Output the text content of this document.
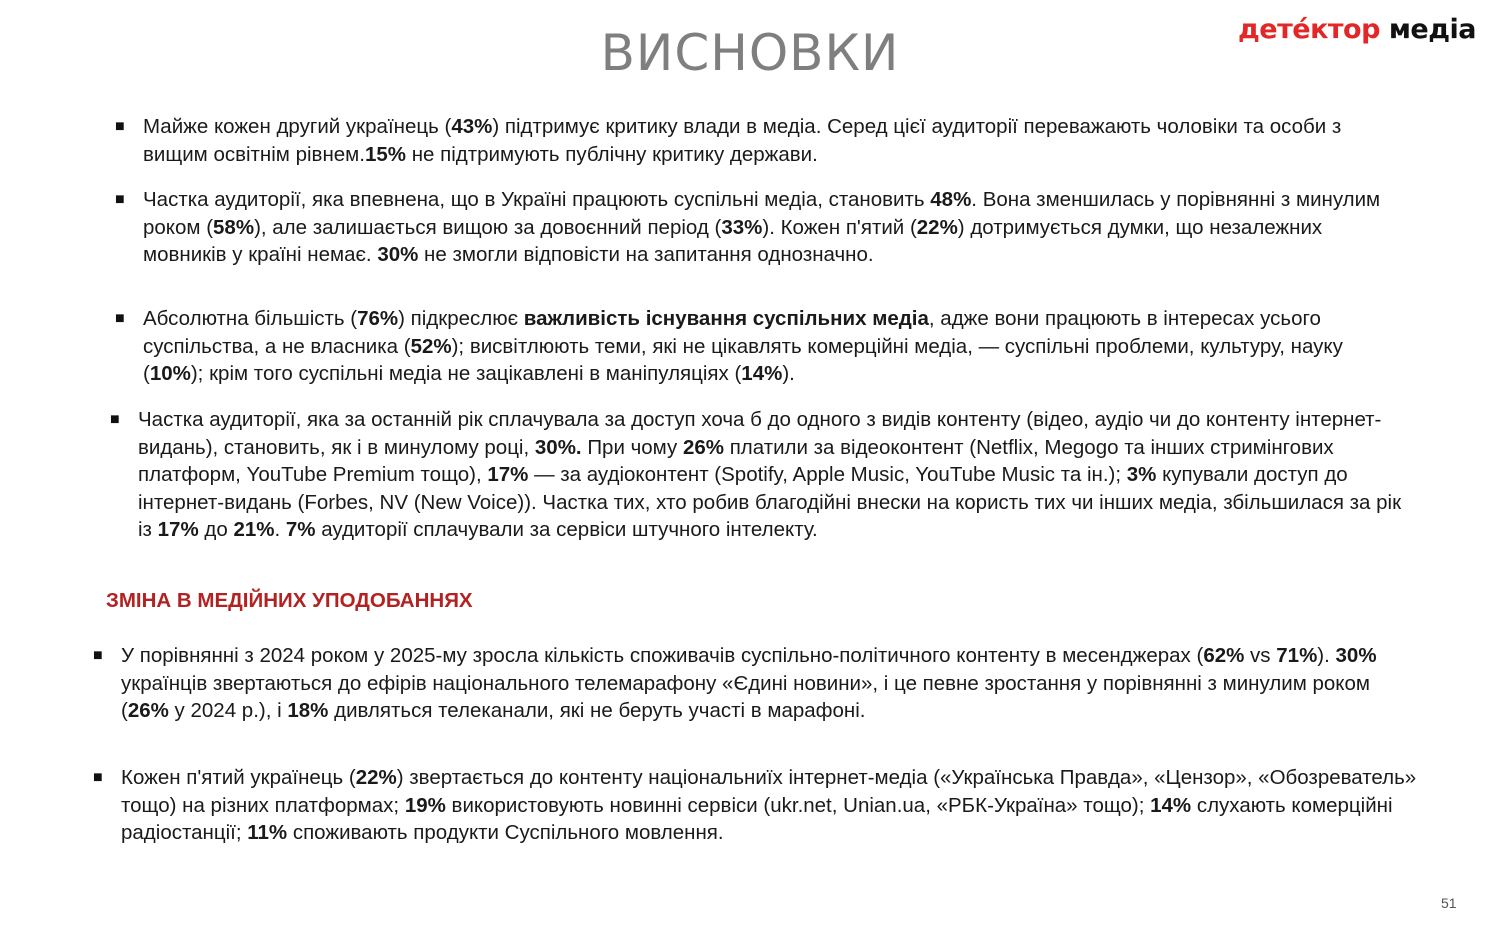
ВИСНОВКИ	детéктор медіа
■ Майже кожен другий українець (43%) підтримує критику влади в медіа. Серед цієї аудиторії переважають чоловіки та особи з вищим освітнім рівнем.15% не підтримують публічну критику держави.
■ Частка аудиторії, яка впевнена, що в Україні працюють суспільні медіа, становить 48%. Вона зменшилась у порівнянні з минулим роком (58%), але залишається вищою за довоєнний період (33%). Кожен п'ятий (22%) дотримується думки, що незалежних мовників у країні немає. 30% не змогли відповісти на запитання однозначно.
■ Абсолютна більшість (76%) підкреслює важливість існування суспільних медіа, адже вони працюють в інтересах усього суспільства, а не власника (52%); висвітлюють теми, які не цікавлять комерційні медіа, — суспільні проблеми, культуру, науку (10%); крім того суспільні медіа не зацікавлені в маніпуляціях (14%).
■ Частка аудиторії, яка за останній рік сплачувала за доступ хоча б до одного з видів контенту (відео, аудіо чи до контенту інтернет-видань), становить, як і в минулому році, 30%. При чому 26% платили за відеоконтент (Netflix, Megogo та інших стримінгових платформ, YouTube Premium тощо), 17% — за аудіоконтент (Spotify, Apple Music, YouTube Music та ін.); 3% купували доступ до інтернет-видань (Forbes, NV (New Voice)). Частка тих, хто робив благодійні внески на користь тих чи інших медіа, збільшилася за рік із 17% до 21%. 7% аудиторії сплачували за сервіси штучного інтелекту.
ЗМІНА В МЕДІЙНИХ УПОДОБАННЯХ
■ У порівнянні з 2024 роком у 2025-му зросла кількість споживачів суспільно-політичного контенту в месенджерах (62% vs 71%). 30% українців звертаються до ефірів національного телемарафону «Єдині новини», і це певне зростання у порівнянні з минулим роком (26% у 2024 р.), і 18% дивляться телеканали, які не беруть участі в марафоні.
■ Кожен п'ятий українець (22%) звертається до контенту національниїх інтернет-медіа («Українська Правда», «Цензор», «Обозреватель» тощо) на різних платформах; 19% використовують новинні сервіси (ukr.net, Unian.ua, «РБК-Україна» тощо); 14% слухають комерційні радіостанції; 11% споживають продукти Суспільного мовлення.
51
